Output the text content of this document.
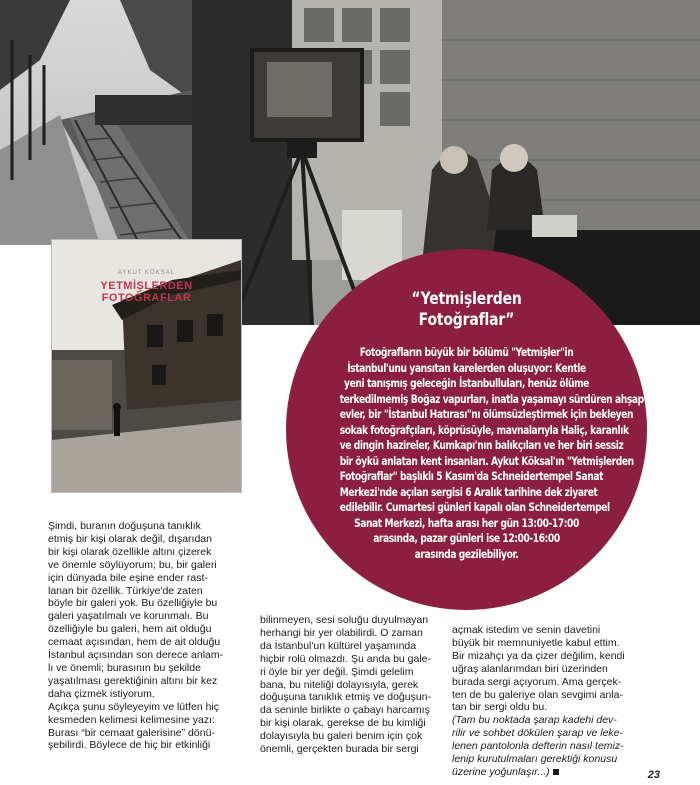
AYKUT KÖKSAL
YETMİŞLERDEN
FOTOĞRAFLAR	“Yetmişlerden
Fotoğraflar”
Fotoğrafların büyük bir bölümü "Yetmişler"in
İstanbul'unu yansıtan karelerden oluşuyor: Kentle
yeni tanışmış geleceğin İstanbulluları, henüz ölüme
terkedilmemiş Boğaz vapurları, inatla yaşamayı sürdüren ahşap
evler, bir "İstanbul Hatırası"nı ölümsüzleştirmek için bekleyen
sokak fotoğrafçıları, köprüsüyle, mavnalarıyla Haliç, karanlık
ve dingin hazireler, Kumkapı'nın balıkçıları ve her biri sessiz
bir öykü anlatan kent insanları. Aykut Köksal'ın "Yetmişlerden
Fotoğraflar" başlıklı 5 Kasım'da Schneidertempel Sanat
Merkezi'nde açılan sergisi 6 Aralık tarihine dek ziyaret
edilebilir. Cumartesi günleri kapalı olan Schneidertempel
Sanat Merkezi, hafta arası her gün 13:00-17:00
arasında, pazar günleri ise 12:00-16:00
arasında gezilebiliyor.
Şimdi, buranın doğuşuna tanıklık
etmiş bir kişi olarak değil, dışarıdan
bir kişi olarak özellikle altını çizerek
ve önemle söylüyorum; bu, bir galeri
için dünyada bile eşine ender rast-
lanan bir özellik. Türkiye'de zaten
böyle bir galeri yok. Bu özelliğiyle bu
galeri yaşatılmalı ve korunmalı. Bu
özelliğiyle bu galeri, hem ait olduğu
cemaat açısından, hem de ait olduğu
İstanbul açısından son derece anlam-
lı ve önemli; burasının bu şekilde
yaşatılması gerektiğinin altını bir kez
daha çizmek istiyorum.
Açıkça şunu söyleyeyim ve lütfen hiç
kesmeden kelimesi kelimesine yazı:
Burası “bir cemaat galerisine” dönü-
şebilirdi. Böylece de hiç bir etkinliği
bilinmeyen, sesi soluğu duyulmayan
herhangi bir yer olabilirdi. O zaman
da İstanbul'un kültürel yaşamında
hiçbir rolü olmazdı. Şu anda bu gale-
ri öyle bir yer değil. Şimdi gelelim
bana, bu niteliği dolayısıyla, gerek
doğuşuna tanıklık etmiş ve doğuşun-
da seninle birlikte o çabayı harcamış
bir kişi olarak, gerekse de bu kimliği
dolayısıyla bu galeri benim için çok
önemli, gerçekten burada bir sergi
açmak istedim ve senin davetini
büyük bir memnuniyetle kabul ettim.
Bir mizahçı ya da çizer değilim, kendi
uğraş alanlarımdan biri üzerinden
burada sergi açıyorum. Ama gerçek-
ten de bu galeriye olan sevgimi anla-
tan bir sergi oldu bu.
(Tam bu noktada şarap kadehi dev-
rilir ve sohbet dökülen şarap ve leke-
lenen pantolonla defterin nasıl temiz-
lenip kurutulmaları gerektiği konusu
üzerine yoğunlaşır...)	23
